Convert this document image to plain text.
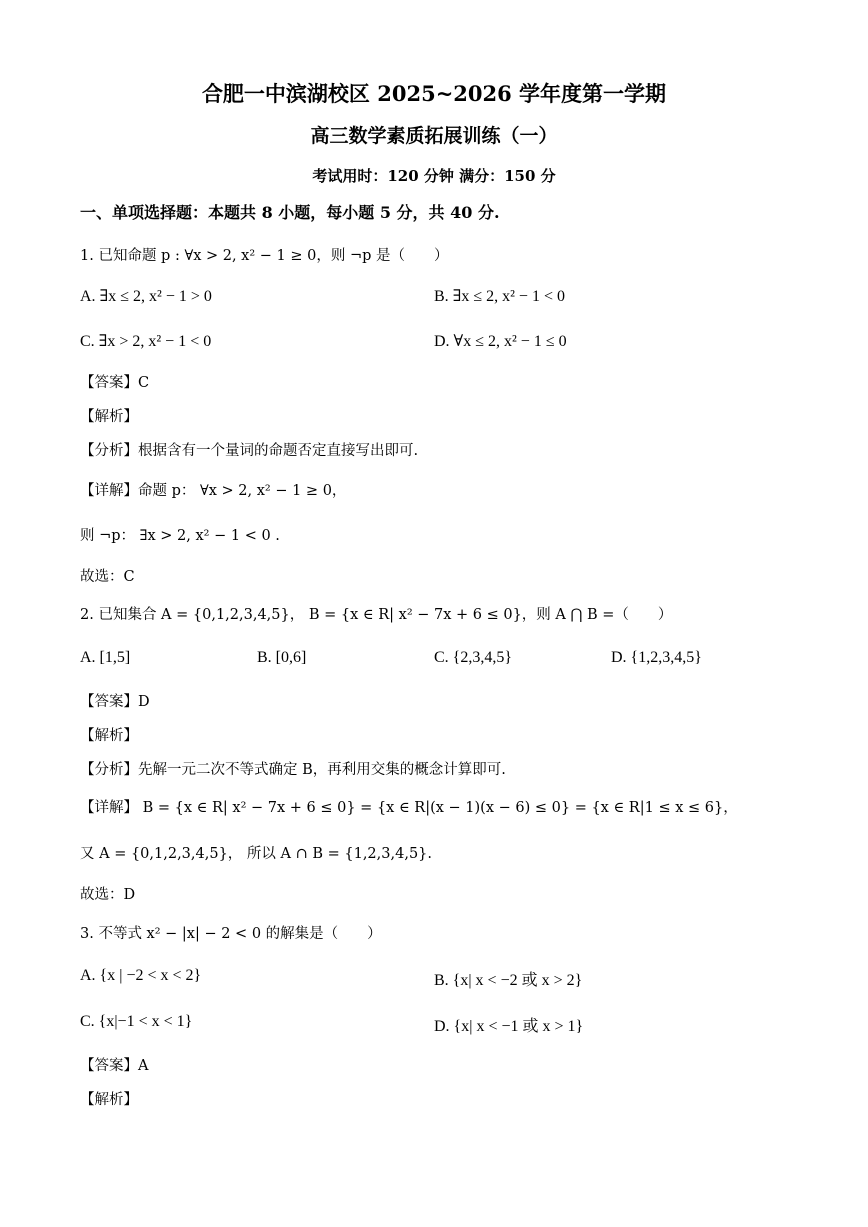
合肥一中滨湖校区 2025~2026 学年度第一学期
高三数学素质拓展训练（一）
考试用时：120 分钟 满分：150 分
一、单项选择题：本题共 8 小题，每小题 5 分，共 40 分.
1. 已知命题 p : ∀x > 2, x² − 1 ≥ 0，则 ¬p 是（　　）
A. ∃x ≤ 2, x² − 1 > 0	B. ∃x ≤ 2, x² − 1 < 0
C. ∃x > 2, x² − 1 < 0	D. ∀x ≤ 2, x² − 1 ≤ 0
【答案】C
【解析】
【分析】根据含有一个量词的命题否定直接写出即可.
【详解】命题 p： ∀x > 2, x² − 1 ≥ 0，
则 ¬p： ∃x > 2, x² − 1 < 0 .
故选：C
2. 已知集合 A = {0,1,2,3,4,5}， B = {x ∈ R| x² − 7x + 6 ≤ 0}，则 A ⋂ B =（　　）
A. [1,5]	B. [0,6]	C. {2,3,4,5}	D. {1,2,3,4,5}
【答案】D
【解析】
【分析】先解一元二次不等式确定 B，再利用交集的概念计算即可.
【详解】 B = {x ∈ R| x² − 7x + 6 ≤ 0} = {x ∈ R|(x − 1)(x − 6) ≤ 0} = {x ∈ R|1 ≤ x ≤ 6}，
又 A = {0,1,2,3,4,5}， 所以 A ∩ B = {1,2,3,4,5}.
故选：D
3. 不等式 x² − |x| − 2 < 0 的解集是（　　）
A. {x | −2 < x < 2}	B. {x| x < −2 或 x > 2}
C. {x|−1 < x < 1}	D. {x| x < −1 或 x > 1}
【答案】A
【解析】
